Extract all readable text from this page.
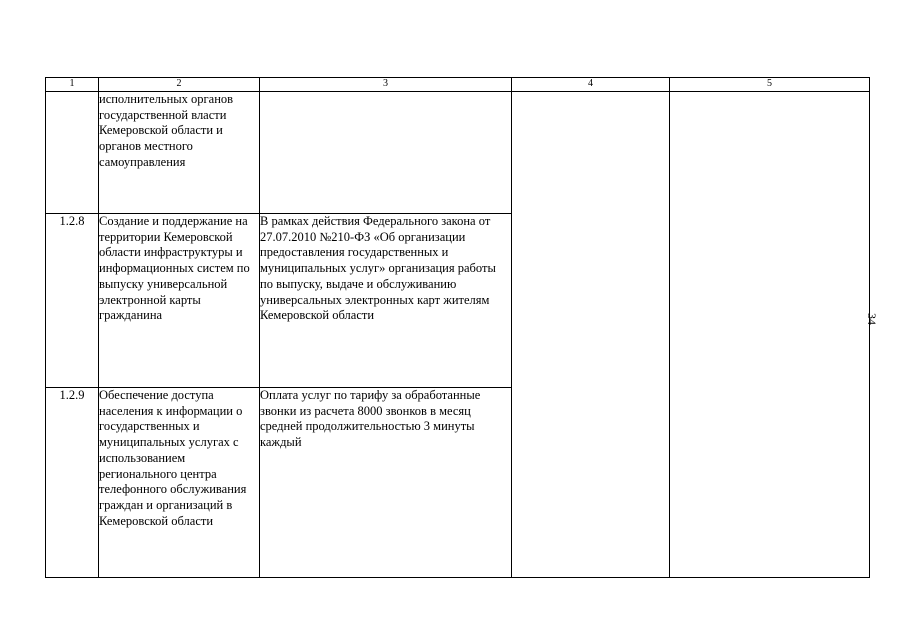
1	2	3	4	5
	исполнительных органов государственной власти Кемеровской области и органов местного самоуправления			
1.2.8	Создание и поддержание на территории Кемеровской области инфраструктуры и информационных систем по выпуску универсальной электронной карты гражданина	В рамках действия Федерального закона от 27.07.2010 №210-ФЗ «Об организации предоставления государственных и муниципальных услуг» организация работы по выпуску, выдаче и обслуживанию универсальных электронных карт жителям Кемеровской области		
1.2.9	Обеспечение доступа населения к информации о государственных и муниципальных услугах с использованием регионального центра телефонного обслуживания граждан и организаций в Кемеровской области	Оплата услуг по тарифу за обработанные звонки из расчета 8000 звонков в месяц средней продолжительностью 3 минуты каждый		
34
